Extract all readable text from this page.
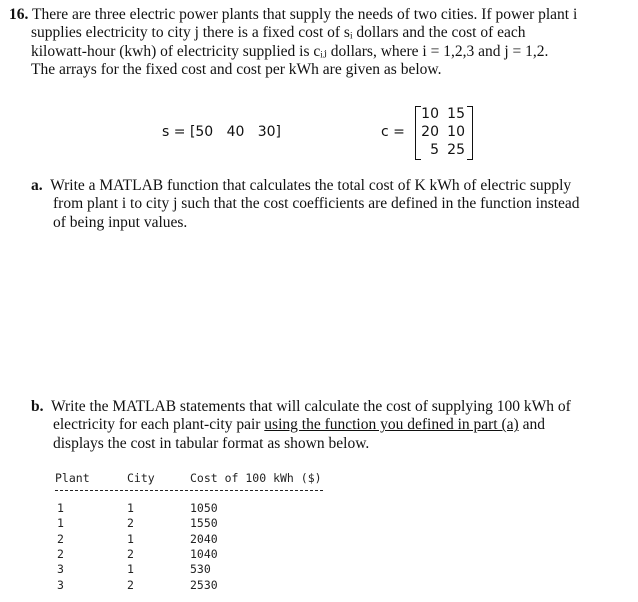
16. There are three electric power plants that supply the needs of two cities. If power plant i
supplies electricity to city j there is a fixed cost of sᵢ dollars and the cost of each
kilowatt-hour (kwh) of electricity supplied is cᵢⱼ dollars, where i = 1,2,3 and j = 1,2.
The arrays for the fixed cost and cost per kWh are given as below.
s = [50   40   30]	c =
10 15
20 10
5 25
a. Write a MATLAB function that calculates the total cost of K kWh of electric supply
from plant i to city j such that the cost coefficients are defined in the function instead
of being input values.
b. Write the MATLAB statements that will calculate the cost of supplying 100 kWh of
electricity for each plant-city pair using the function you defined in part (a) and
displays the cost in tabular format as shown below.
Plant	City	Cost of 100 kWh ($)
1	1	1050
1	2	1550
2	1	2040
2	2	1040
3	1	530
3	2	2530
